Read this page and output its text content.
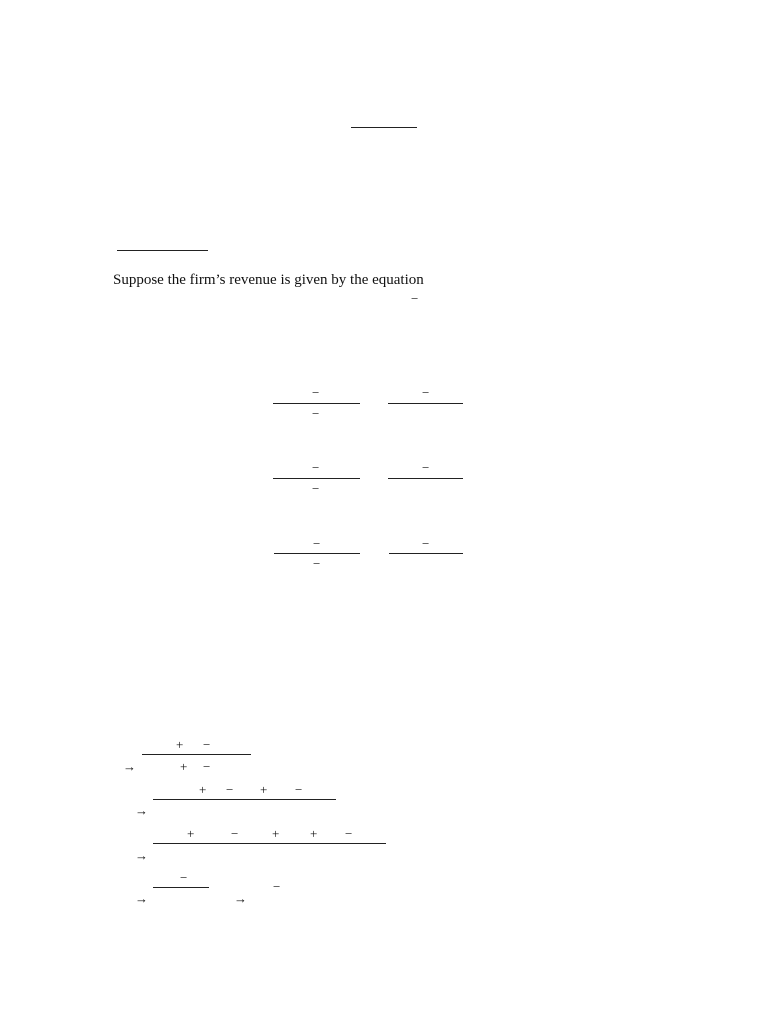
Suppose the firm’s revenue is given by the equation
−
−
−
−
−
−
−
−
−
−
+ −
→	+ −
+ − + −
→
+	−	+ + −
→
−
−
→	→
